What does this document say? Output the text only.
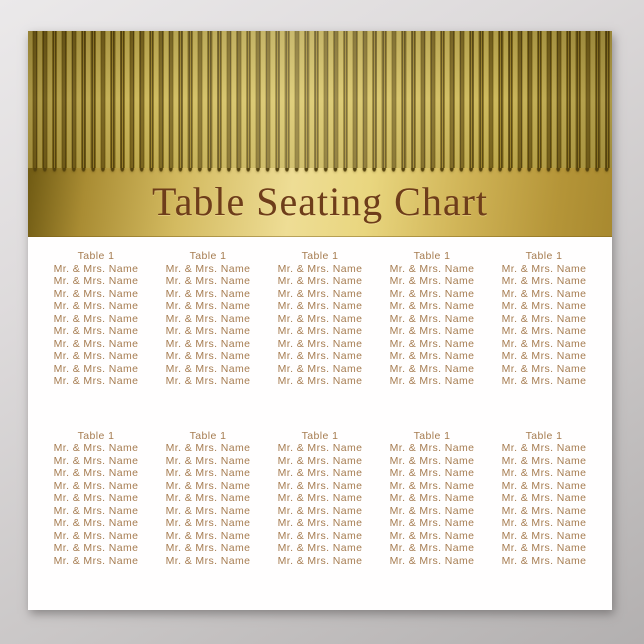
Table Seating Chart
Table 1
Mr. & Mrs. Name
Mr. & Mrs. Name
Mr. & Mrs. Name
Mr. & Mrs. Name
Mr. & Mrs. Name
Mr. & Mrs. Name
Mr. & Mrs. Name
Mr. & Mrs. Name
Mr. & Mrs. Name
Mr. & Mrs. Name
Table 1
Mr. & Mrs. Name
Mr. & Mrs. Name
Mr. & Mrs. Name
Mr. & Mrs. Name
Mr. & Mrs. Name
Mr. & Mrs. Name
Mr. & Mrs. Name
Mr. & Mrs. Name
Mr. & Mrs. Name
Mr. & Mrs. Name
Table 1
Mr. & Mrs. Name
Mr. & Mrs. Name
Mr. & Mrs. Name
Mr. & Mrs. Name
Mr. & Mrs. Name
Mr. & Mrs. Name
Mr. & Mrs. Name
Mr. & Mrs. Name
Mr. & Mrs. Name
Mr. & Mrs. Name
Table 1
Mr. & Mrs. Name
Mr. & Mrs. Name
Mr. & Mrs. Name
Mr. & Mrs. Name
Mr. & Mrs. Name
Mr. & Mrs. Name
Mr. & Mrs. Name
Mr. & Mrs. Name
Mr. & Mrs. Name
Mr. & Mrs. Name
Table 1
Mr. & Mrs. Name
Mr. & Mrs. Name
Mr. & Mrs. Name
Mr. & Mrs. Name
Mr. & Mrs. Name
Mr. & Mrs. Name
Mr. & Mrs. Name
Mr. & Mrs. Name
Mr. & Mrs. Name
Mr. & Mrs. Name
Table 1
Mr. & Mrs. Name
Mr. & Mrs. Name
Mr. & Mrs. Name
Mr. & Mrs. Name
Mr. & Mrs. Name
Mr. & Mrs. Name
Mr. & Mrs. Name
Mr. & Mrs. Name
Mr. & Mrs. Name
Mr. & Mrs. Name
Table 1
Mr. & Mrs. Name
Mr. & Mrs. Name
Mr. & Mrs. Name
Mr. & Mrs. Name
Mr. & Mrs. Name
Mr. & Mrs. Name
Mr. & Mrs. Name
Mr. & Mrs. Name
Mr. & Mrs. Name
Mr. & Mrs. Name
Table 1
Mr. & Mrs. Name
Mr. & Mrs. Name
Mr. & Mrs. Name
Mr. & Mrs. Name
Mr. & Mrs. Name
Mr. & Mrs. Name
Mr. & Mrs. Name
Mr. & Mrs. Name
Mr. & Mrs. Name
Mr. & Mrs. Name
Table 1
Mr. & Mrs. Name
Mr. & Mrs. Name
Mr. & Mrs. Name
Mr. & Mrs. Name
Mr. & Mrs. Name
Mr. & Mrs. Name
Mr. & Mrs. Name
Mr. & Mrs. Name
Mr. & Mrs. Name
Mr. & Mrs. Name
Table 1
Mr. & Mrs. Name
Mr. & Mrs. Name
Mr. & Mrs. Name
Mr. & Mrs. Name
Mr. & Mrs. Name
Mr. & Mrs. Name
Mr. & Mrs. Name
Mr. & Mrs. Name
Mr. & Mrs. Name
Mr. & Mrs. Name
